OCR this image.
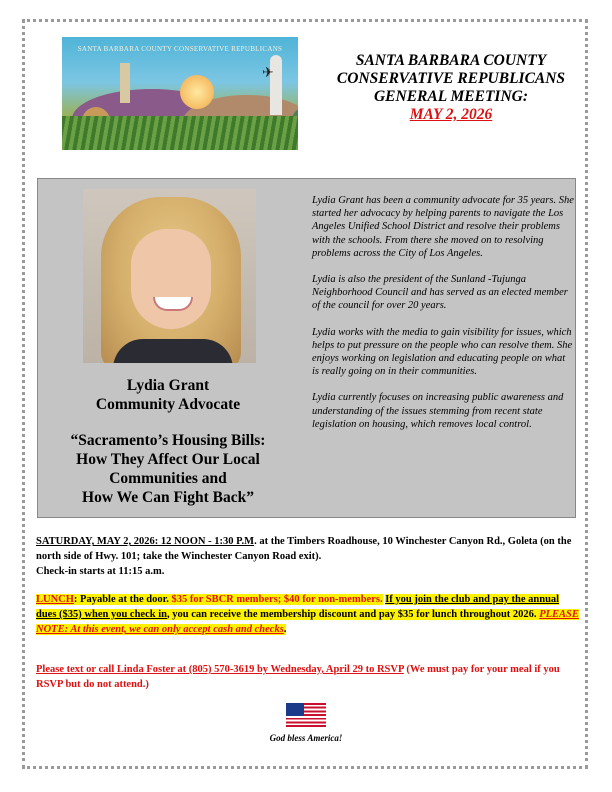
✈
SANTA BARBARA COUNTY CONSERVATIVE REPUBLICANS
SANTA BARBARA COUNTY
CONSERVATIVE REPUBLICANS
GENERAL MEETING:
MAY 2, 2026
Lydia Grant
Community Advocate
“Sacramento’s Housing Bills:
How They Affect Our Local
Communities and
How We Can Fight Back”

Lydia Grant has been a community advocate for 35 years. She started her advocacy by helping parents to navigate the Los Angeles Unified School District and resolve their problems with the schools. From there she moved on to resolving problems across the City of Los Angeles.

Lydia is also the president of the Sunland -Tujunga Neighborhood Council and has served as an elected member of the council for over 20 years.

Lydia works with the media to gain visibility for issues, which helps to put pressure on the people who can resolve them. She enjoys working on legislation and educating people on what is really going on in their communities.

Lydia currently focuses on increasing public awareness and understanding of the issues stemming from recent state legislation on housing, which removes local control.

SATURDAY, MAY 2, 2026: 12 NOON - 1:30 P.M. at the Timbers Roadhouse, 10 Winchester Canyon Rd., Goleta (on the north side of Hwy. 101; take the Winchester Canyon Road exit).

Check-in starts at 11:15 a.m.

LUNCH: Payable at the door. $35 for SBCR members; $40 for non-members. If you join the club and pay the annual dues ($35) when you check in, you can receive the membership discount and pay $35 for lunch throughout 2026. PLEASE NOTE: At this event, we can only accept cash and checks.
Please text or call Linda Foster at (805) 570-3619 by Wednesday, April 29 to RSVP (We must pay for your meal if you RSVP but do not attend.)
God bless America!
